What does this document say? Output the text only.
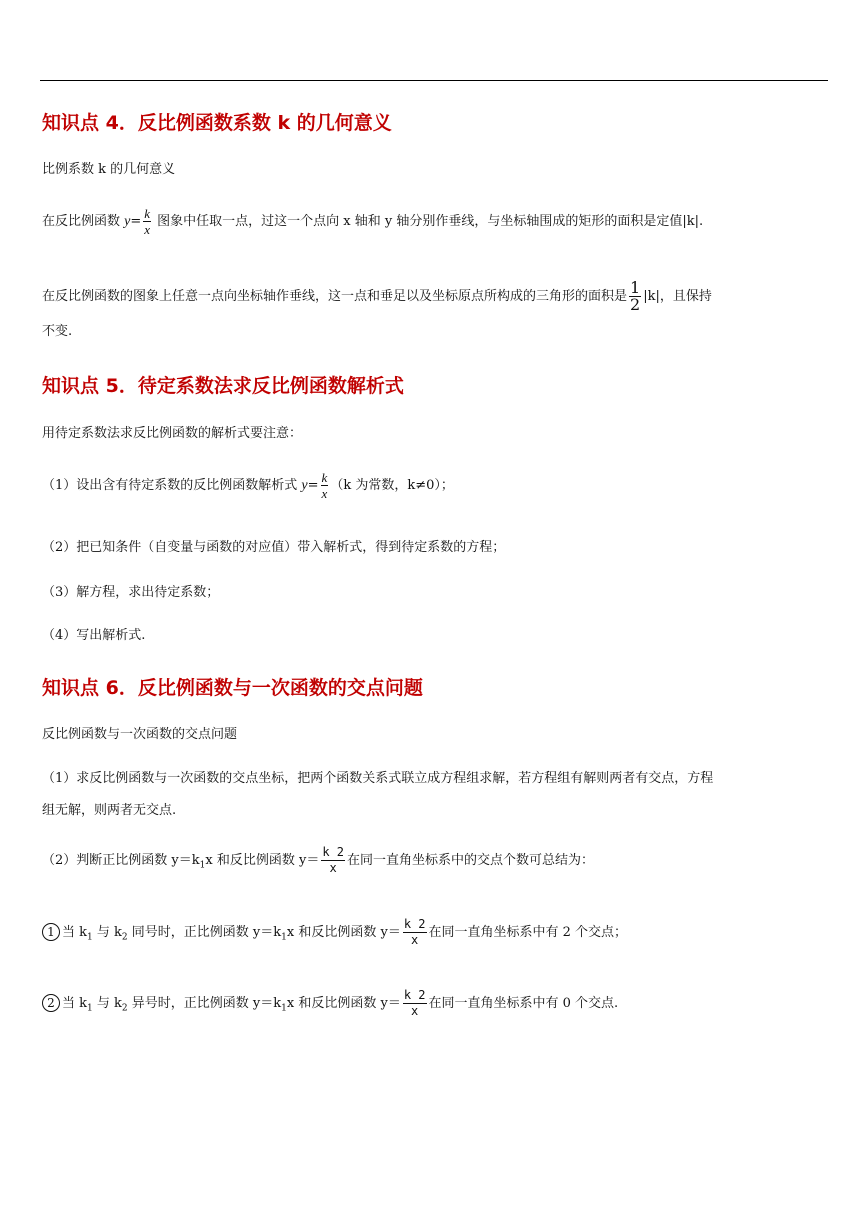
知识点 4．反比例函数系数 k 的几何意义
比例系数 k 的几何意义
在反比例函数 $y= \frac{k}{x}$ 图象中任取一点，过这一个点向 x 轴和 y 轴分别作垂线，与坐标轴围成的矩形的面积是定值|k|.
在反比例函数的图象上任意一点向坐标轴作垂线，这一点和垂足以及坐标原点所构成的三角形的面积是 $\frac{1}{2} |k|$，且保持
不变.
知识点 5．待定系数法求反比例函数解析式
用待定系数法求反比例函数的解析式要注意：
（1）设出含有待定系数的反比例函数解析式 $y= \frac{k}{x} (k$ 为常数，k≠0）；
（2）把已知条件（自变量与函数的对应值）带入解析式，得到待定系数的方程；
（3）解方程，求出待定系数；
（4）写出解析式.
知识点 6．反比例函数与一次函数的交点问题
反比例函数与一次函数的交点问题
（1）求反比例函数与一次函数的交点坐标，把两个函数关系式联立成方程组求解，若方程组有解则两者有交点，方程
组无解，则两者无交点.
（2）判断正比例函数 $y=k_1x$ 和反比例函数 $y= \frac{k 2}{x}$ 在同一直角坐标系中的交点个数可总结为：
1 当 $k_1$ 与 $k_2$ 同号时，正比例函数 $y=k_1x$ 和反比例函数 $y= \frac{k 2}{x}$ 在同一直角坐标系中有 2 个交点；
2 当 $k_1$ 与 $k_2$ 异号时，正比例函数 $y=k_1x$ 和反比例函数 $y= \frac{k 2}{x}$ 在同一直角坐标系中有 0 个交点.
